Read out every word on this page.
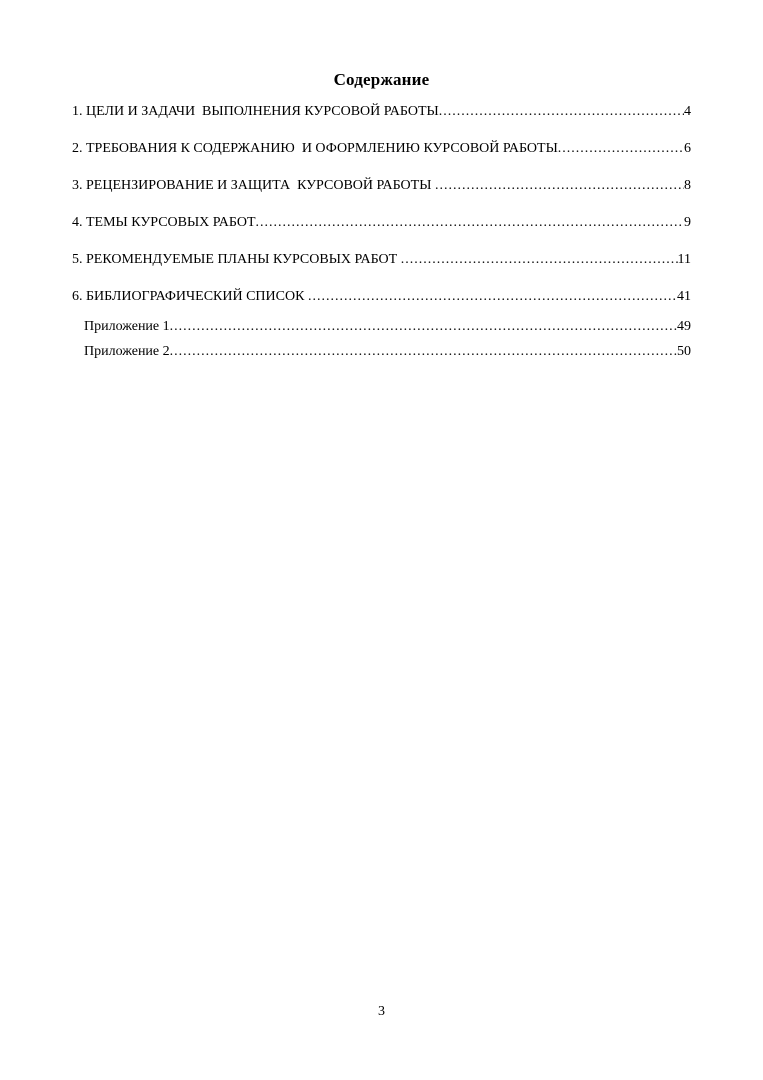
Содержание
1. ЦЕЛИ И ЗАДАЧИ  ВЫПОЛНЕНИЯ КУРСОВОЙ РАБОТЫ .....	4
2. ТРЕБОВАНИЯ К СОДЕРЖАНИЮ  И ОФОРМЛЕНИЮ КУРСОВОЙ РАБОТЫ .....	6
3. РЕЦЕНЗИРОВАНИЕ И ЗАЩИТА  КУРСОВОЙ РАБОТЫ .....	8
4. ТЕМЫ КУРСОВЫХ РАБОТ .....	9
5. РЕКОМЕНДУЕМЫЕ ПЛАНЫ КУРСОВЫХ РАБОТ .....	11
6. БИБЛИОГРАФИЧЕСКИЙ СПИСОК .....	41
Приложение 1 .....	49
Приложение 2 .....	50
3
